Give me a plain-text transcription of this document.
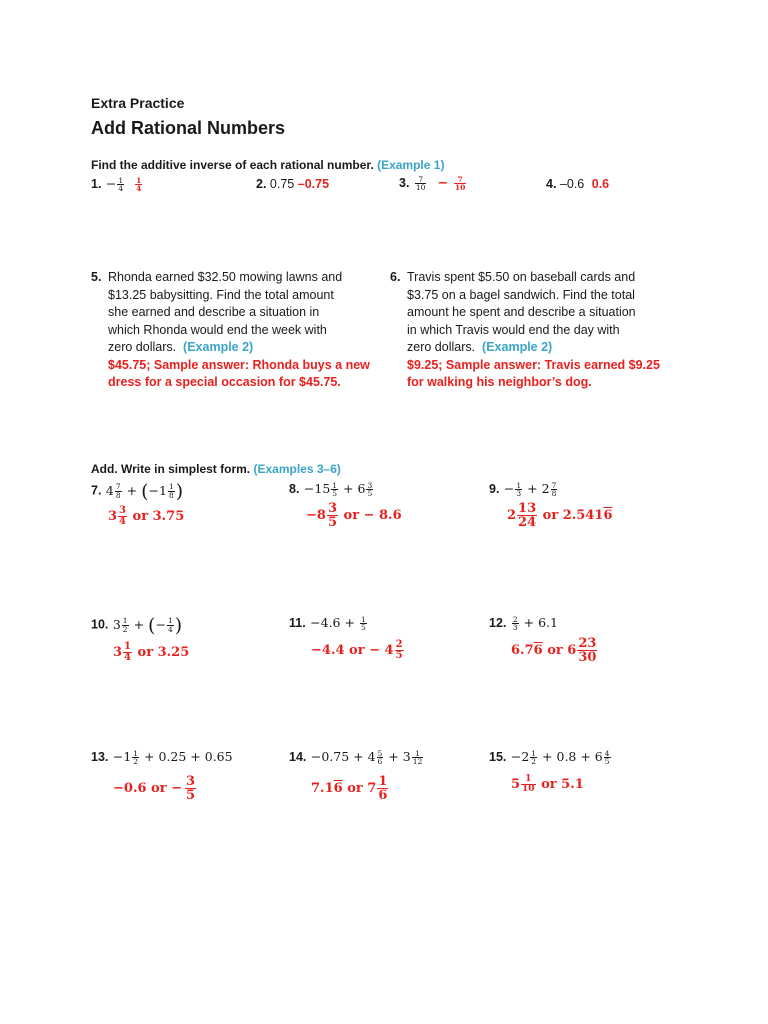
Extra Practice
Add Rational Numbers
Find the additive inverse of each rational number. (Example 1)
1. − $\frac{1}{4}$
$\frac{1}{4}$	2. 0.75 –0.75	3. $\frac{7}{10} - \frac{7}{10}$	4. –0.6 0.6
5. Rhonda earned $32.50 mowing lawns and
$13.25 babysitting. Find the total amount
she earned and describe a situation in
which Rhonda would end the week with
zero dollars. (Example 2)
$45.75; Sample answer: Rhonda buys a new
dress for a special occasion for $45.75.
6. Travis spent $5.50 on baseball cards and
$3.75 on a bagel sandwich. Find the total
amount he spent and describe a situation
in which Travis would end the day with
zero dollars. (Example 2)
$9.25; Sample answer: Travis earned $9.25
for walking his neighbor’s dog.
Add. Write in simplest form. (Examples 3–6)
7. $4 \frac{7}{8} + (-1 \frac{1}{8}$ )
$3 \frac{3}{4}$ or 3.75
8. $-15 \frac{1}{5} + 6 \frac{3}{5}$
$-8 \frac{3}{5}$ or − 8.6
9. − $\frac{1}{3} + 2 \frac{7}{8}$
$2 \frac{13}{24}$ or 2.5416
10. $3 \frac{1}{2}$ + (− $\frac{1}{4}$ )
$3 \frac{1}{4}$ or 3.25
11. $-4.6 + \frac{1}{5}$
−4.4 or − $4 \frac{2}{5}$
12. $\frac{2}{3} + 6.1$
6.76 or $6 \frac{23}{30}$
13. $-1 \frac{1}{2} + 0.25 + 0.65$
−0.6 or − $\frac{3}{5}$
14. $-0.75 + 4 \frac{5}{6} + 3 \frac{1}{12}$
7.16 or $7 \frac{1}{6}$
15. $-2 \frac{1}{2} + 0.8 + 6 \frac{4}{5}$
$5 \frac{1}{10}$ or 5.1
